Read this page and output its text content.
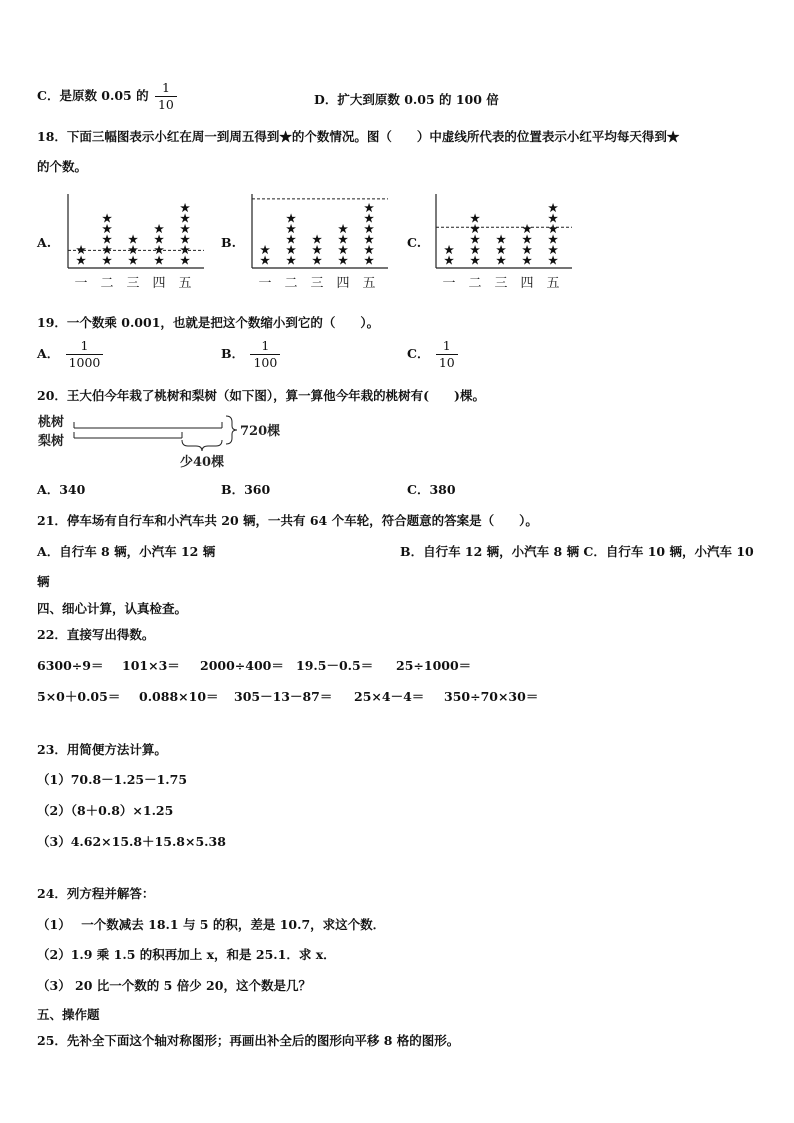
C．是原数 0.05 的 $\frac{1}{10}$	D．扩大到原数 0.05 的 100 倍
18．下面三幅图表示小红在周一到周五得到★的个数情况。图（　　）中虚线所代表的位置表示小红平均每天得到★
的个数。
A.	B.	C.
★
★
一
★
★
★
★
★
二
★
★
★
三
★
★
★
★
四
★
★
★
★
★
★
五
★
★
一
★
★
★
★
★
二
★
★
★
三
★
★
★
★
四
★
★
★
★
★
★
五
★
★
一
★
★
★
★
★
二
★
★
★
三
★
★
★
★
四
★
★
★
★
★
★
五
19．一个数乘 0.001，也就是把这个数缩小到它的（　　）。
A． $\frac{1}{1000}$	B． $\frac{1}{100}$	C． $\frac{1}{10}$
20．王大伯今年栽了桃树和梨树（如下图），算一算他今年栽的桃树有(　　)棵。
桃树
梨树
720棵
少40棵
A．340	B．360	C．380
21．停车场有自行车和小汽车共 20 辆，一共有 64 个车轮，符合题意的答案是（　　）。
A．自行车 8 辆，小汽车 12 辆	B．自行车 12 辆，小汽车 8 辆 C．自行车 10 辆，小汽车 10
辆
四、细心计算，认真检查。
22．直接写出得数。
6300÷9＝ 101×3＝ 2000÷400＝ 19.5－0.5＝ 25÷1000＝
5×0＋0.05＝ 0.088×10＝ 305－13－87＝ 25×4－4＝ 350÷70×30＝
23．用简便方法计算。
（1）70.8－1.25－1.75
（2）（8＋0.8）×1.25
（3）4.62×15.8＋15.8×5.38
24．列方程并解答：
（1）　 一个数减去 18.1 与 5 的积，差是 10.7，求这个数．
（2）1.9 乘 1.5 的积再加上 x，和是 25.1．求 x．
（3） 20 比一个数的 5 倍少 20，这个数是几？
五、操作题
25．先补全下面这个轴对称图形；再画出补全后的图形向平移 8 格的图形。
